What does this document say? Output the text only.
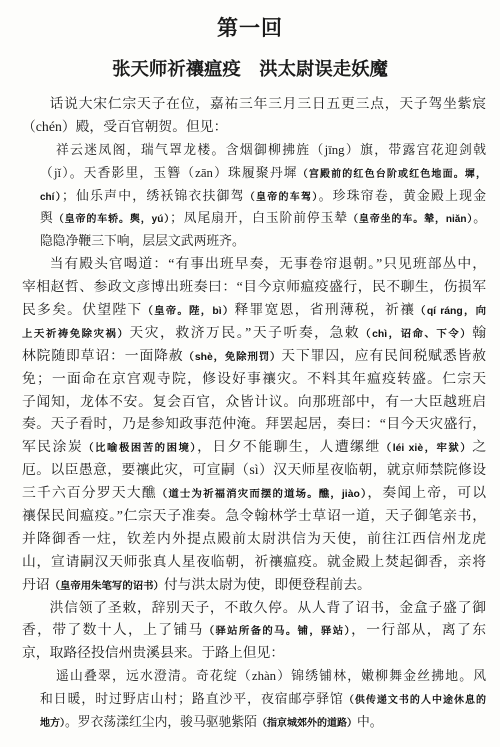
第一回
张天师祈禳瘟疫　洪太尉误走妖魔
话说大宋仁宗天子在位，嘉祐三年三月三日五更三点，天子驾坐紫宸
（chén）殿，受百官朝贺。但见：
祥云迷凤阁，瑞气罩龙楼。含烟御柳拂旌（jīng）旗，带露宫花迎剑戟
（jǐ）。天香影里，玉簪（zān）珠履聚丹墀（宫殿前的红色台阶或红色地面。墀，
chí）；仙乐声中，绣袄锦衣扶御驾（皇帝的车驾）。珍珠帘卷，黄金殿上现金
舆（皇帝的车轿。舆，yú）；凤尾扇开，白玉阶前停玉辇（皇帝坐的车。辇，niǎn）。
隐隐净鞭三下响，层层文武两班齐。
当有殿头官喝道：“有事出班早奏，无事卷帘退朝。”只见班部丛中，
宰相赵哲、参政文彦博出班奏曰：“目今京师瘟疫盛行，民不聊生，伤损军
民多矣。伏望陛下（皇帝。陛，bì）释罪宽恩，省刑薄税，祈禳（qí ráng，向
上天祈祷免除灾祸）天灾，救济万民。”天子听奏，急敕（chì，诏命、下令）翰
林院随即草诏：一面降赦（shè，免除刑罚）天下罪囚，应有民间税赋悉皆赦
免；一面命在京宫观寺院，修设好事禳灾。不料其年瘟疫转盛。仁宗天
子闻知，龙体不安。复会百官，众皆计议。向那班部中，有一大臣越班启
奏。天子看时，乃是参知政事范仲淹。拜罢起居，奏曰：“目今天灾盛行，
军民涂炭（比喻极困苦的困境），日夕不能聊生，人遭缧绁（léi xiè，牢狱）之
厄。以臣愚意，要禳此灾，可宣嗣（sì）汉天师星夜临朝，就京师禁院修设
三千六百分罗天大醮（道士为祈福消灾而摆的道场。醮，jiào），奏闻上帝，可以
禳保民间瘟疫。”仁宗天子准奏。急令翰林学士草诏一道，天子御笔亲书，
并降御香一炷，钦差内外提点殿前太尉洪信为天使，前往江西信州龙虎
山，宣请嗣汉天师张真人星夜临朝，祈禳瘟疫。就金殿上焚起御香，亲将
丹诏（皇帝用朱笔写的诏书）付与洪太尉为使，即便登程前去。
洪信领了圣敕，辞别天子，不敢久停。从人背了诏书，金盒子盛了御
香，带了数十人，上了铺马（驿站所备的马。铺，驿站），一行部从，离了东
京，取路径投信州贵溪县来。于路上但见：
遥山叠翠，远水澄清。奇花绽（zhàn）锦绣铺林，嫩柳舞金丝拂地。风
和日暖，时过野店山村；路直沙平，夜宿邮亭驿馆（供传递文书的人中途休息的
地方）。罗衣荡漾红尘内，骏马驱驰紫陌（指京城郊外的道路）中。
